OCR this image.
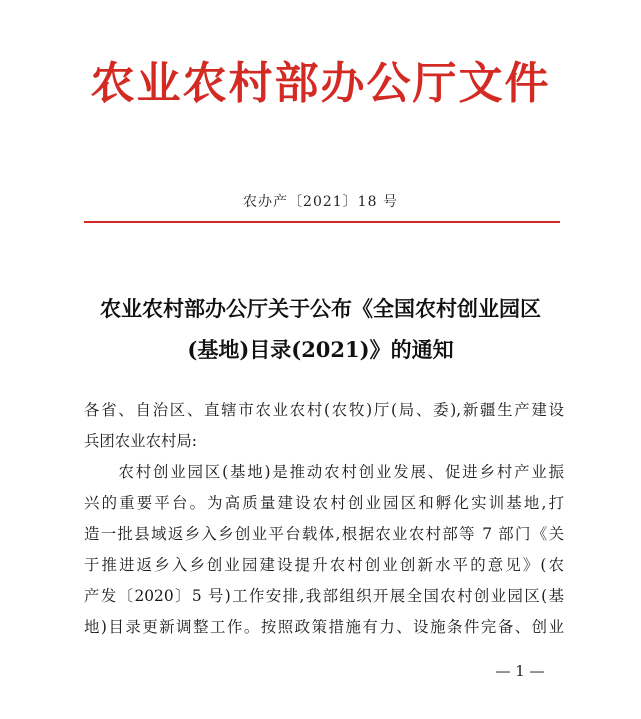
农业农村部办公厅文件
农办产〔2021〕18 号
农业农村部办公厅关于公布《全国农村创业园区
(基地)目录(2021)》的通知
各省、自治区、直辖市农业农村(农牧)厅(局、委),新疆生产建设
兵团农业农村局:
　　农村创业园区(基地)是推动农村创业发展、促进乡村产业振
兴的重要平台。为高质量建设农村创业园区和孵化实训基地,打
造一批县域返乡入乡创业平台载体,根据农业农村部等 7 部门《关
于推进返乡入乡创业园建设提升农村创业创新水平的意见》(农
产发〔2020〕5 号)工作安排,我部组织开展全国农村创业园区(基
地)目录更新调整工作。按照政策措施有力、设施条件完备、创业
— 1 —
